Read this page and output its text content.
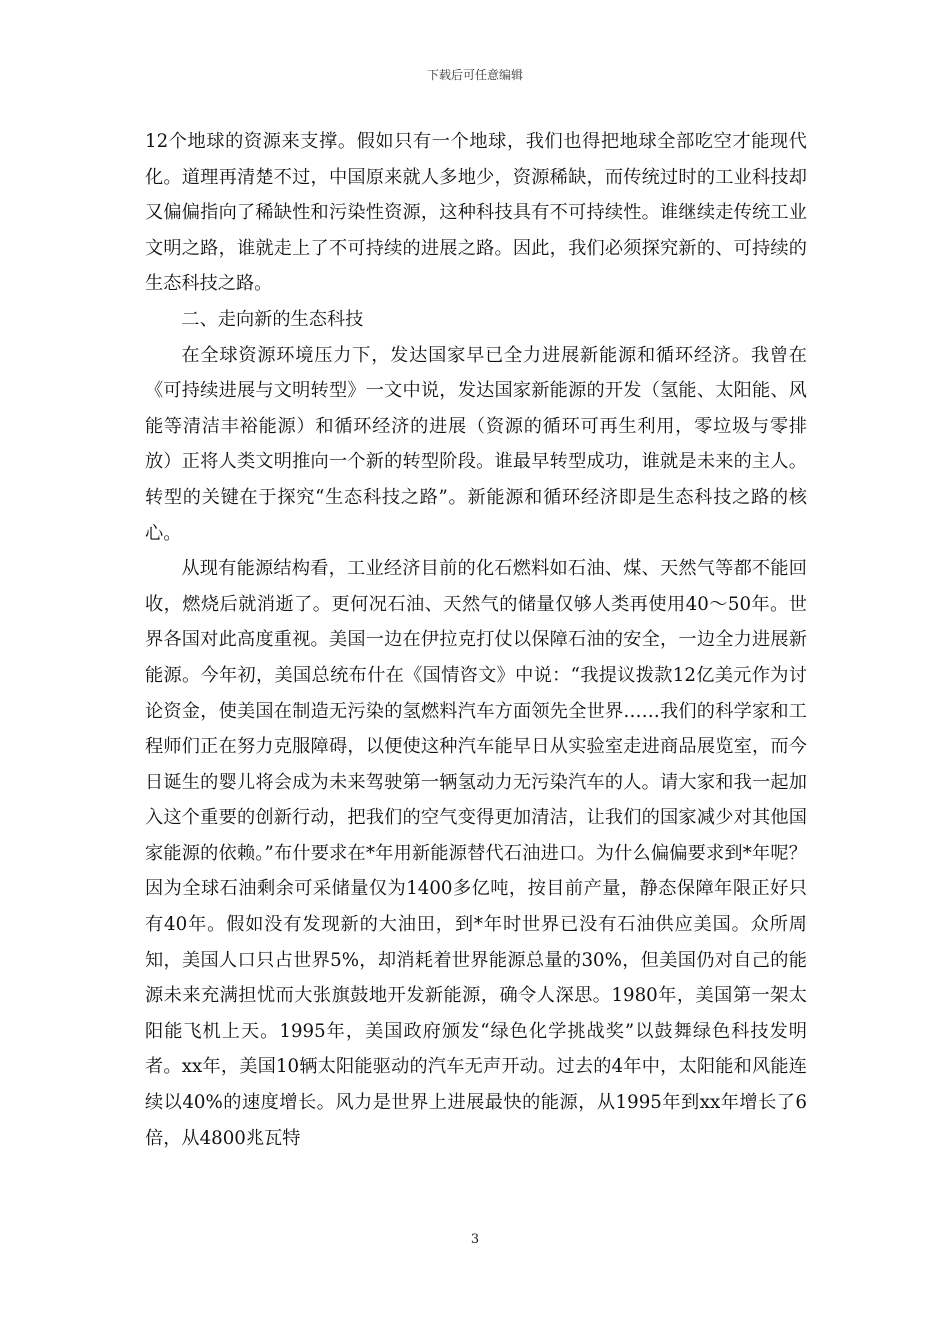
下载后可任意编辑

12个地球的资源来支撑。假如只有一个地球，我们也得把地球全部吃空才能现代化。道理再清楚不过，中国原来就人多地少，资源稀缺，而传统过时的工业科技却又偏偏指向了稀缺性和污染性资源，这种科技具有不可持续性。谁继续走传统工业文明之路，谁就走上了不可持续的进展之路。因此，我们必须探究新的、可持续的生态科技之路。

二、走向新的生态科技

在全球资源环境压力下，发达国家早已全力进展新能源和循环经济。我曾在《可持续进展与文明转型》一文中说，发达国家新能源的开发（氢能、太阳能、风能等清洁丰裕能源）和循环经济的进展（资源的循环可再生利用，零垃圾与零排放）正将人类文明推向一个新的转型阶段。谁最早转型成功，谁就是未来的主人。转型的关键在于探究“生态科技之路”。新能源和循环经济即是生态科技之路的核心。

从现有能源结构看，工业经济目前的化石燃料如石油、煤、天然气等都不能回收，燃烧后就消逝了。更何况石油、天然气的储量仅够人类再使用40～50年。世界各国对此高度重视。美国一边在伊拉克打仗以保障石油的安全，一边全力进展新能源。今年初，美国总统布什在《国情咨文》中说：“我提议拨款12亿美元作为讨论资金，使美国在制造无污染的氢燃料汽车方面领先全世界……我们的科学家和工程师们正在努力克服障碍，以便使这种汽车能早日从实验室走进商品展览室，而今日诞生的婴儿将会成为未来驾驶第一辆氢动力无污染汽车的人。请大家和我一起加入这个重要的创新行动，把我们的空气变得更加清洁，让我们的国家减少对其他国家能源的依赖。”布什要求在*年用新能源替代石油进口。为什么偏偏要求到*年呢？因为全球石油剩余可采储量仅为1400多亿吨，按目前产量，静态保障年限正好只有40年。假如没有发现新的大油田，到*年时世界已没有石油供应美国。众所周知，美国人口只占世界5%，却消耗着世界能源总量的30%，但美国仍对自己的能源未来充满担忧而大张旗鼓地开发新能源，确令人深思。1980年，美国第一架太阳能飞机上天。1995年，美国政府颁发“绿色化学挑战奖”以鼓舞绿色科技发明者。xx年，美国10辆太阳能驱动的汽车无声开动。过去的4年中，太阳能和风能连续以40%的速度增长。风力是世界上进展最快的能源，从1995年到xx年增长了6倍，从4800兆瓦特

3
